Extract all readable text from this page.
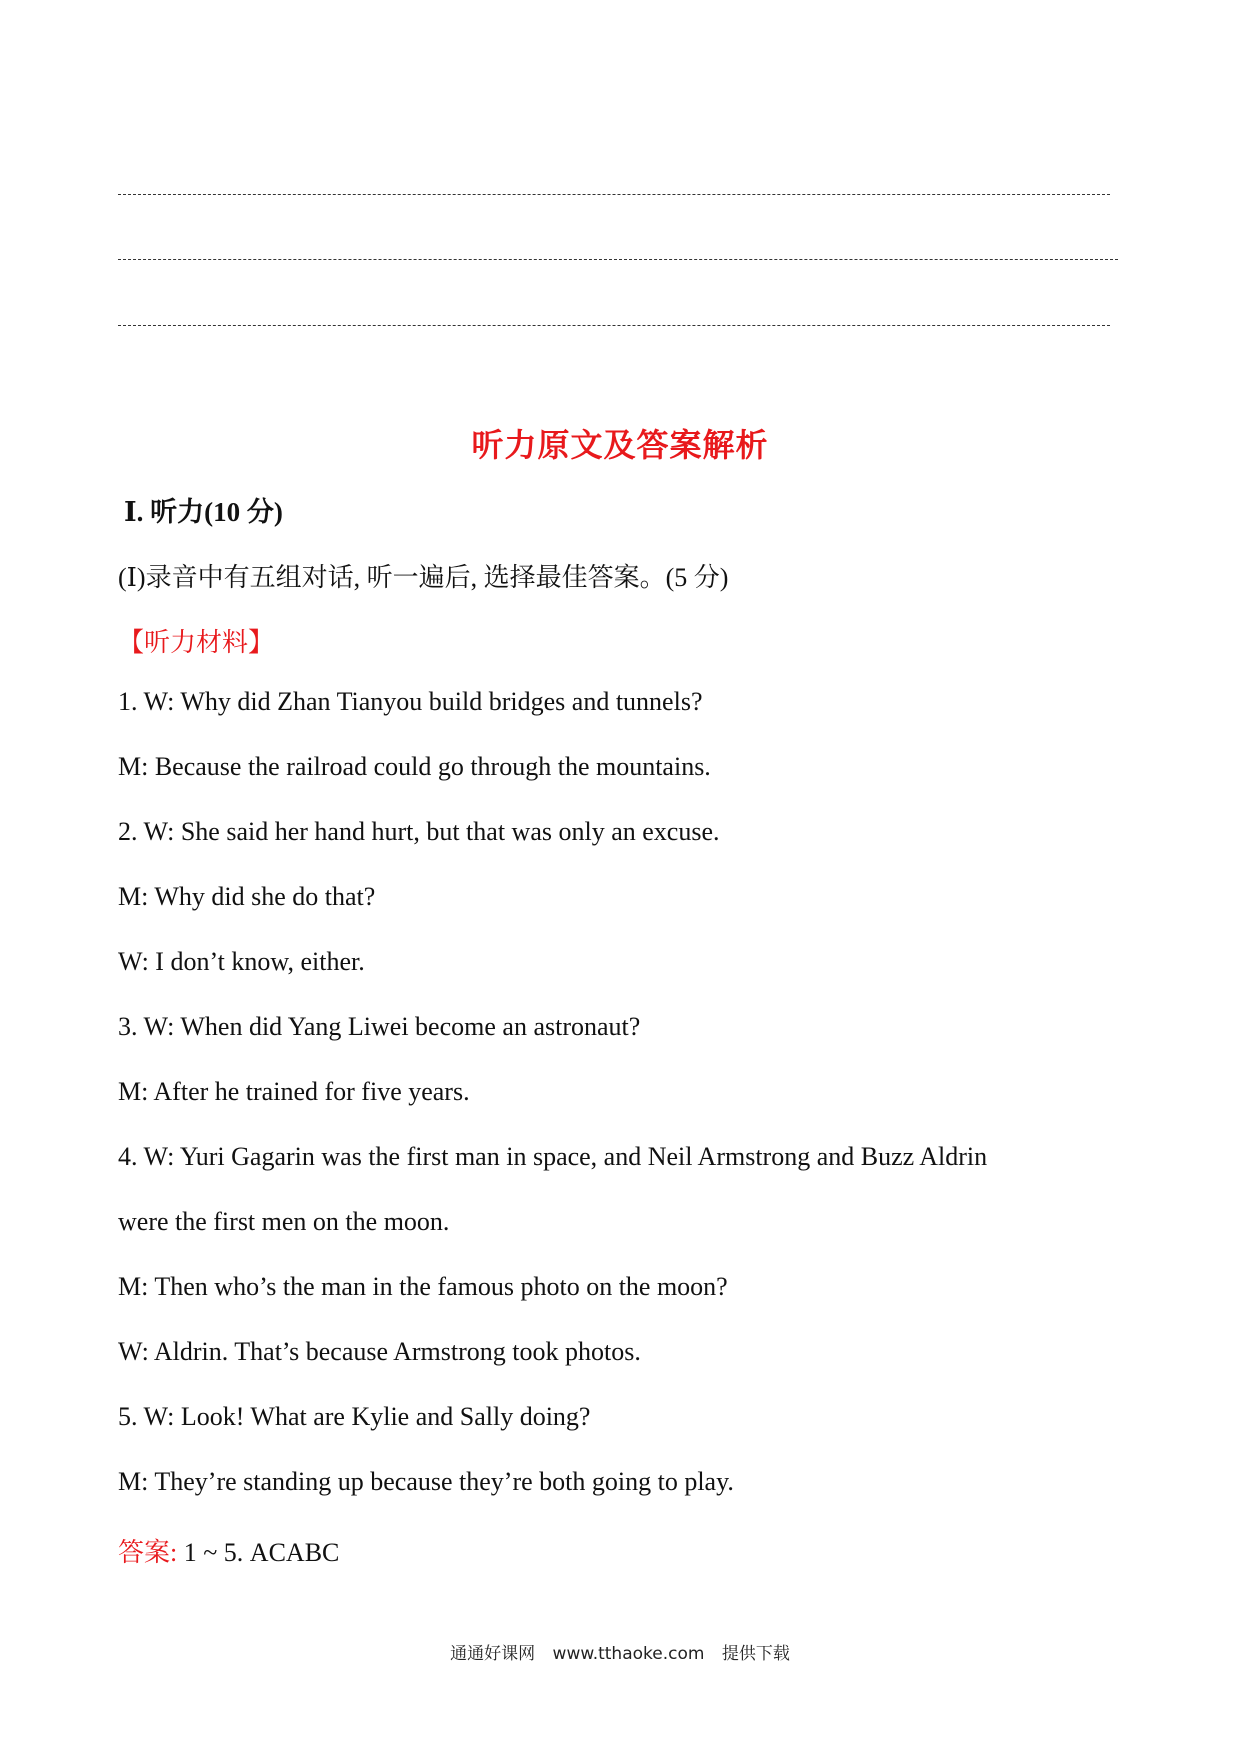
听力原文及答案解析
Ⅰ. 听力(10 分)
(Ⅰ)录音中有五组对话, 听一遍后, 选择最佳答案。(5 分)
【听力材料】
1. W: Why did Zhan Tianyou build bridges and tunnels?
M: Because the railroad could go through the mountains.
2. W: She said her hand hurt, but that was only an excuse.
M: Why did she do that?
W: I don’t know, either.
3. W: When did Yang Liwei become an astronaut?
M: After he trained for five years.
4. W: Yuri Gagarin was the first man in space, and Neil Armstrong and Buzz Aldrin
were the first men on the moon.
M: Then who’s the man in the famous photo on the moon?
W: Aldrin. That’s because Armstrong took photos.
5. W: Look! What are Kylie and Sally doing?
M: They’re standing up because they’re both going to play.
答案: 1 ~ 5. ACABC
通通好课网 www.tthaoke.com 提供下载
